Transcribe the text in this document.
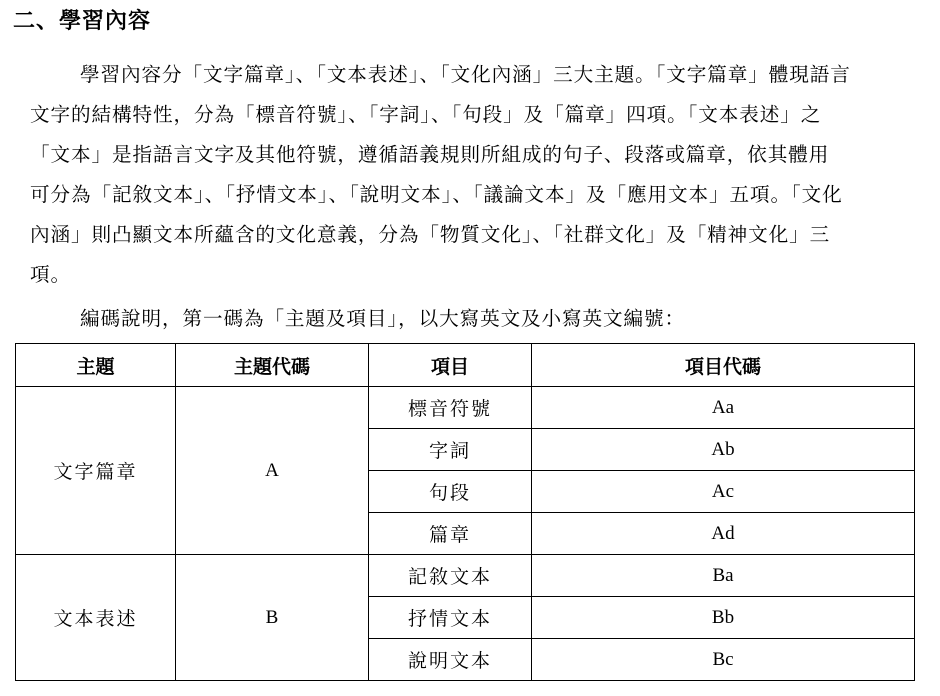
二、學習內容
學習內容分「文字篇章」、「文本表述」、「文化內涵」三大主題。「文字篇章」體現語言
文字的結構特性，分為「標音符號」、「字詞」、「句段」及「篇章」四項。「文本表述」之
「文本」是指語言文字及其他符號，遵循語義規則所組成的句子、段落或篇章，依其體用
可分為「記敘文本」、「抒情文本」、「說明文本」、「議論文本」及「應用文本」五項。「文化
內涵」則凸顯文本所蘊含的文化意義，分為「物質文化」、「社群文化」及「精神文化」三
項。
編碼說明，第一碼為「主題及項目」，以大寫英文及小寫英文編號：
主題	主題代碼	項目	項目代碼
文字篇章	A	標音符號	Aa
		字詞	Ab
		句段	Ac
		篇章	Ad
文本表述	B	記敘文本	Ba
		抒情文本	Bb
		說明文本	Bc
